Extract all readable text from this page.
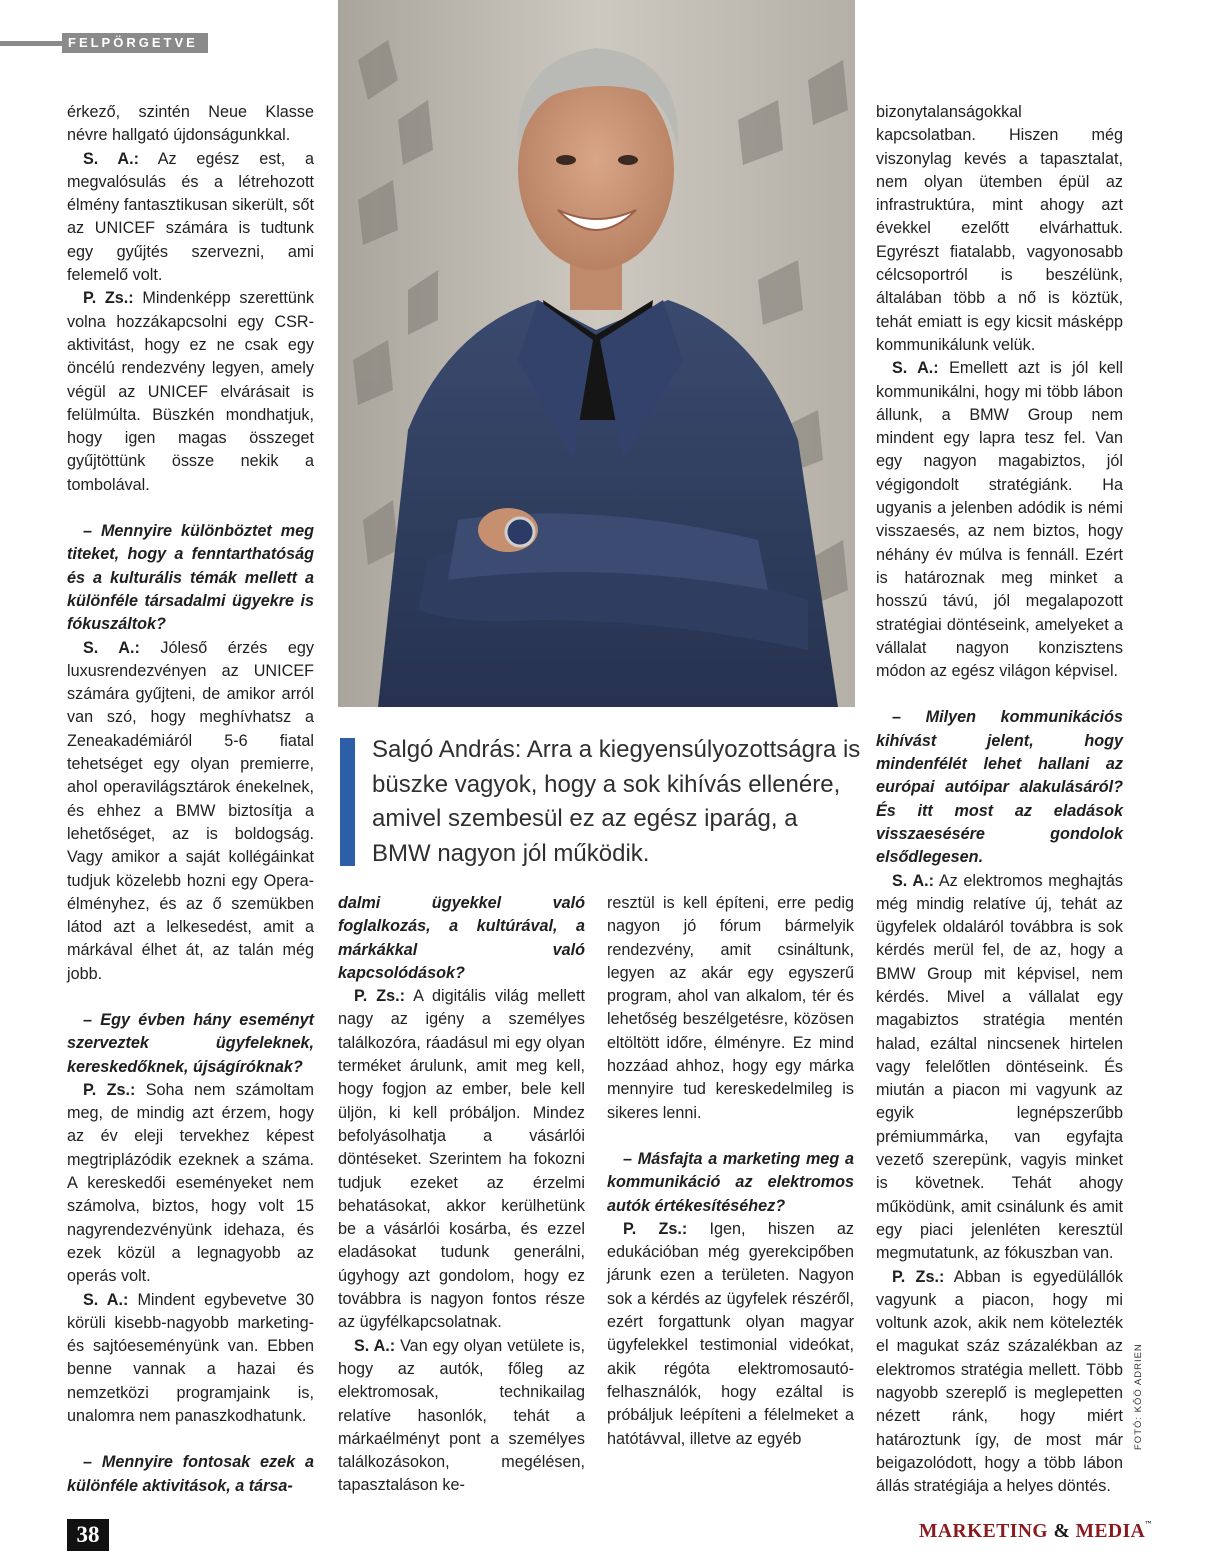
FELPÖRGETVE

érkező, szintén Neue Klasse névre hallgató újdonságunkkal.

S. A.: Az egész est, a megvalósulás és a létrehozott élmény fantasztikusan sikerült, sőt az UNICEF számára is tudtunk egy gyűjtés szervezni, ami felemelő volt.

P. Zs.: Mindenképp szerettünk volna hozzákapcsolni egy CSR-aktivitást, hogy ez ne csak egy öncélú rendezvény legyen, amely végül az UNICEF elvárásait is felülmúlta. Büszkén mondhatjuk, hogy igen magas összeget gyűjtöttünk össze nekik a tombolával.

– Mennyire különböztet meg titeket, hogy a fenntarthatóság és a kulturális témák mellett a különféle társadalmi ügyekre is fókuszáltok?

S. A.: Jóleső érzés egy luxusrendezvényen az UNICEF számára gyűjteni, de amikor arról van szó, hogy meghívhatsz a Zeneakadémiáról 5-6 fiatal tehetséget egy olyan premierre, ahol operavilágsztárok énekelnek, és ehhez a BMW biztosítja a lehetőséget, az is boldogság. Vagy amikor a saját kollégáinkat tudjuk közelebb hozni egy Opera-élményhez, és az ő szemükben látod azt a lelkesedést, amit a márkával élhet át, az talán még jobb.

– Egy évben hány eseményt szerveztek ügyfeleknek, kereskedőknek, újságíróknak?

P. Zs.: Soha nem számoltam meg, de mindig azt érzem, hogy az év eleji tervekhez képest megtriplázódik ezeknek a száma. A kereskedői eseményeket nem számolva, biztos, hogy volt 15 nagyrendezvényünk idehaza, és ezek közül a legnagyobb az operás volt.

S. A.: Mindent egybevetve 30 körüli kisebb-nagyobb marketing- és sajtóeseményünk van. Ebben benne vannak a hazai és nemzetközi programjaink is, unalomra nem panaszkodhatunk.

– Mennyire fontosak ezek a különféle aktivitások, a társa-

Salgó András: Arra a kiegyensúlyozottságra is büszke vagyok, hogy a sok kihívás ellenére, amivel szembesül ez az egész iparág, a BMW nagyon jól működik.

dalmi ügyekkel való foglalkozás, a kultúrával, a márkákkal való kapcsolódások?

P. Zs.: A digitális világ mellett nagy az igény a személyes találkozóra, ráadásul mi egy olyan terméket árulunk, amit meg kell, hogy fogjon az ember, bele kell üljön, ki kell próbáljon. Mindez befolyásolhatja a vásárlói döntéseket. Szerintem ha fokozni tudjuk ezeket az érzelmi behatásokat, akkor kerülhetünk be a vásárlói kosárba, és ezzel eladásokat tudunk generálni, úgyhogy azt gondolom, hogy ez továbbra is nagyon fontos része az ügyfélkapcsolatnak.

S. A.: Van egy olyan vetülete is, hogy az autók, főleg az elektromosak, technikailag relatíve hasonlók, tehát a márkaélményt pont a személyes találkozásokon, megélésen, tapasztaláson ke-

resztül is kell építeni, erre pedig nagyon jó fórum bármelyik rendezvény, amit csináltunk, legyen az akár egy egyszerű program, ahol van alkalom, tér és lehetőség beszélgetésre, közösen eltöltött időre, élményre. Ez mind hozzáad ahhoz, hogy egy márka mennyire tud kereskedelmileg is sikeres lenni.

– Másfajta a marketing meg a kommunikáció az elektromos autók értékesítéséhez?

P. Zs.: Igen, hiszen az edukációban még gyerekcipőben járunk ezen a területen. Nagyon sok a kérdés az ügyfelek részéről, ezért forgattunk olyan magyar ügyfelekkel testimonial videókat, akik régóta elektromosautó-felhasználók, hogy ezáltal is próbáljuk leépíteni a félelmeket a hatótávval, illetve az egyéb

bizonytalanságokkal kapcsolatban. Hiszen még viszonylag kevés a tapasztalat, nem olyan ütemben épül az infrastruktúra, mint ahogy azt évekkel ezelőtt elvárhattuk. Egyrészt fiatalabb, vagyonosabb célcsoportról is beszélünk, általában több a nő is köztük, tehát emiatt is egy kicsit másképp kommunikálunk velük.

S. A.: Emellett azt is jól kell kommunikálni, hogy mi több lábon állunk, a BMW Group nem mindent egy lapra tesz fel. Van egy nagyon magabiztos, jól végigondolt stratégiánk. Ha ugyanis a jelenben adódik is némi visszaesés, az nem biztos, hogy néhány év múlva is fennáll. Ezért is határoznak meg minket a hosszú távú, jól megalapozott stratégiai döntéseink, amelyeket a vállalat nagyon konzisztens módon az egész világon képvisel.

– Milyen kommunikációs kihívást jelent, hogy mindenfélét lehet hallani az európai autóipar alakulásáról? És itt most az eladások visszaesésére gondolok elsődlegesen.

S. A.: Az elektromos meghajtás még mindig relatíve új, tehát az ügyfelek oldaláról továbbra is sok kérdés merül fel, de az, hogy a BMW Group mit képvisel, nem kérdés. Mivel a vállalat egy magabiztos stratégia mentén halad, ezáltal nincsenek hirtelen vagy felelőtlen döntéseink. És miután a piacon mi vagyunk az egyik legnépszerűbb prémiummárka, van egyfajta vezető szerepünk, vagyis minket is követnek. Tehát ahogy működünk, amit csinálunk és amit egy piaci jelenléten keresztül megmutatunk, az fókuszban van.

P. Zs.: Abban is egyedülállók vagyunk a piacon, hogy mi voltunk azok, akik nem kötelezték el magukat száz százalékban az elektromos stratégia mellett. Több nagyobb szereplő is meglepetten nézett ránk, hogy miért határoztunk így, de most már beigazolódott, hogy a több lábon állás stratégiája a helyes döntés.

FOTÓ: KŐÖ ADRIEN
38	MARKETING & MEDIA™
